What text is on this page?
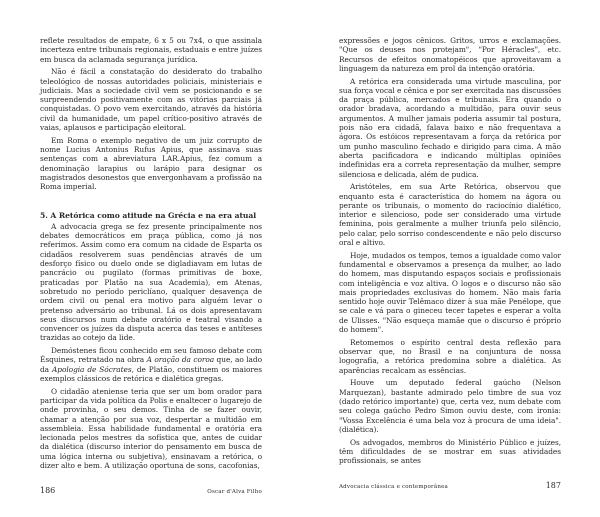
reflete resultados de empate, 6 x 5 ou 7x4, o que assinala incerteza entre tribunais regionais, estaduais e entre juízes em busca da aclamada segurança jurídica.

Não é fácil a constatação do desiderato do trabalho teleológico de nossas autoridades policiais, ministeriais e judiciais. Mas a sociedade civil vem se posicionando e se surpreendendo positivamente com as vitórias parciais já conquistadas. O povo vem exercitando, através da história civil da humanidade, um papel crítico-positivo através de vaias, aplausos e participação eleitoral.

Em Roma o exemplo negativo de um juiz corrupto de nome Lucius Antonius Rufus Apius, que assinava suas sentenças com a abreviatura LAR.Apius, fez comum a denominação larapius ou larápio para designar os magistrados desonestos que envergonhavam a profissão na Roma imperial.

5. A Retórica como atitude na Grécia e na era atual

A advocacia grega se fez presente principalmente nos debates democráticos em praça pública, como já nos referimos. Assim como era comum na cidade de Esparta os cidadãos resolverem suas pendências através de um desforço físico ou duelo onde se digladiavam em lutas de pancrácio ou pugilato (formas primitivas de boxe, praticadas por Platão na sua Academia), em Atenas, sobretudo no período periclíano, qualquer desavença de ordem civil ou penal era motivo para alguém levar o pretenso adversário ao tribunal. Lá os dois apresentavam seus discursos num debate oratório e teatral visando a convencer os juízes da disputa acerca das teses e antíteses trazidas ao cotejo da lide.

Demóstenes ficou conhecido em seu famoso debate com Ésquines, retratado na obra A oração da coroa que, ao lado da Apologia de Sócrates, de Platão, constituem os maiores exemplos clássicos de retórica e dialética gregas.

O cidadão ateniense teria que ser um bom orador para participar da vida política da Polis e enaltecer o lugarejo de onde provinha, o seu demos. Tinha de se fazer ouvir, chamar a atenção por sua voz, despertar a multidão em assembleia. Essa habilidade fundamental e oratória era lecionada pelos mestres da sofística que, antes de cuidar da dialética (discurso interior do pensamento em busca de uma lógica interna ou subjetiva), ensinavam a retórica, o dizer alto e bem. A utilização oportuna de sons, cacofonias,

186	Oscar d'Alva Filho

expressões e jogos cênicos. Gritos, urros e exclamações. "Que os deuses nos protejam", "Por Héracles", etc. Recursos de efeitos onomatopéicos que aproveitavam a linguagem da natureza em prol da intenção oratória.

A retórica era considerada uma virtude masculina, por sua força vocal e cênica e por ser exercitada nas discussões da praça pública, mercados e tribunais. Era quando o orador bradava, acordando a multidão, para ouvir seus argumentos. A mulher jamais poderia assumir tal postura, pois não era cidadã, falava baixo e não frequentava a ágora. Os estóicos representavam a força da retórica por um punho masculino fechado e dirigido para cima. A mão aberta pacificadora e indicando múltiplas opiniões indefinidas era a correta representação da mulher, sempre silenciosa e delicada, além de pudica.

Aristóteles, em sua Arte Retórica, observou que enquanto esta é característica do homem na ágora ou perante os tribunais, o momento do raciocínio dialético, interior e silencioso, pode ser considerado uma virtude feminina, pois geralmente a mulher triunfa pelo silêncio, pelo calar, pelo sorriso condescendente e não pelo discurso oral e altivo.

Hoje, mudados os tempos, temos a igualdade como valor fundamental e observamos a presença da mulher, ao lado do homem, mas disputando espaços sociais e profissionais com inteligência e voz altiva. O logos e o discurso não são mais propriedades exclusivas do homem. Não mais faria sentido hoje ouvir Telêmaco dizer à sua mãe Penélope, que se cale e vá para o gineceu tecer tapetes e esperar a volta de Ulisses. "Não esqueça mamãe que o discurso é próprio do homem".

Retomemos o espírito central desta reflexão para observar que, no Brasil e na conjuntura de nossa logografia, a retórica predomina sobre a dialética. As aparências recalcam as essências.

Houve um deputado federal gaúcho (Nelson Marquezan), bastante admirado pelo timbre de sua voz (dado retórico importante) que, certa vez, num debate com seu colega gaúcho Pedro Simon ouviu deste, com ironia: "Vossa Excelência é uma bela voz à procura de uma ideia". (dialética).

Os advogados, membros do Ministério Público e juízes, têm dificuldades de se mostrar em suas atividades profissionais, se antes

Advocacia clássica e contemporânea	187
